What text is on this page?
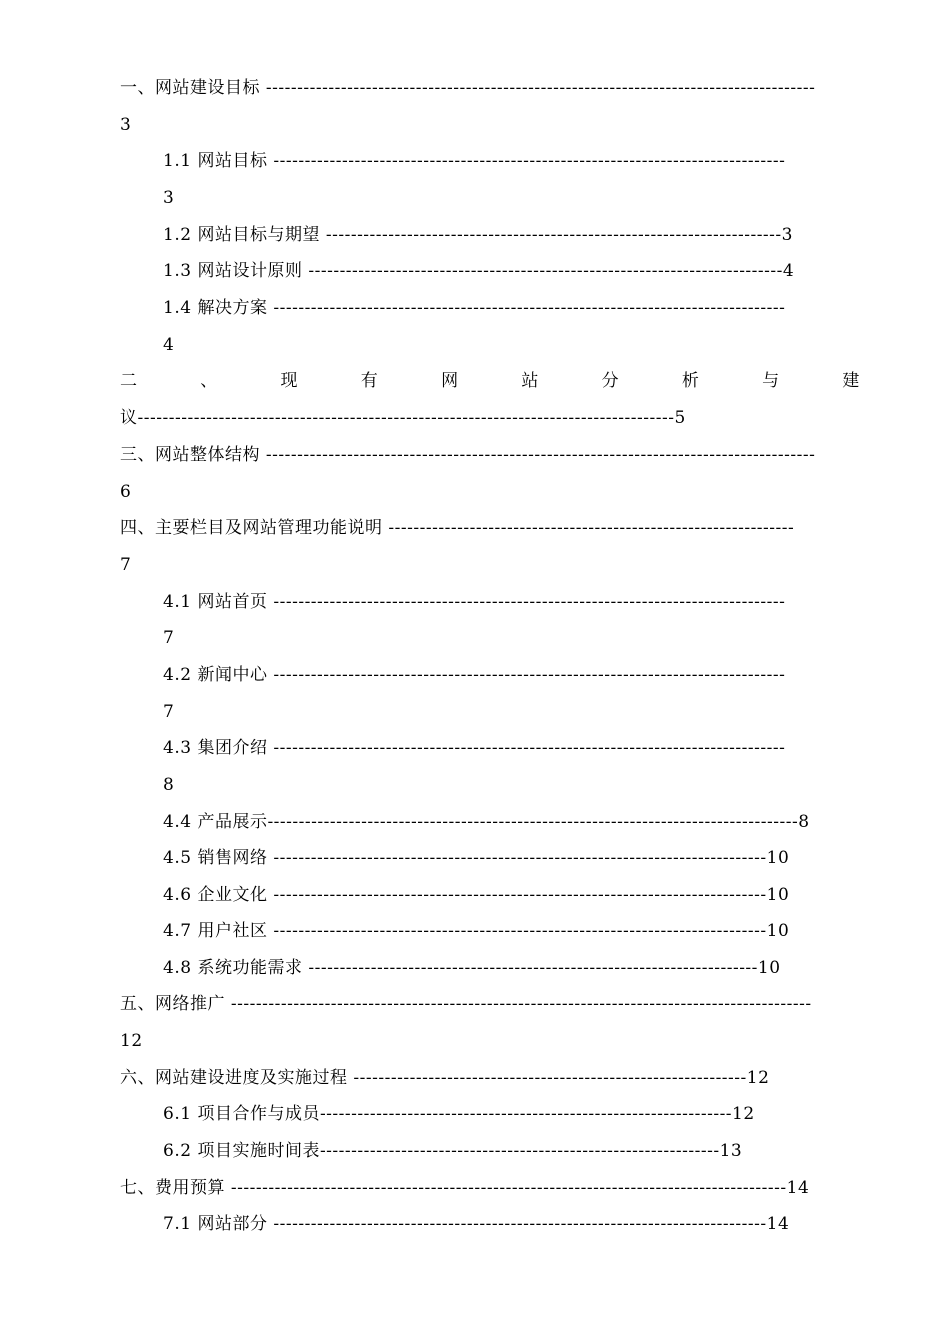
一、网站建设目标 ----------------------------------------------------------------------------------------
3
1.1 网站目标 ----------------------------------------------------------------------------------
3
1.2 网站目标与期望 -------------------------------------------------------------------------3
1.3 网站设计原则 ----------------------------------------------------------------------------4
1.4 解决方案 ----------------------------------------------------------------------------------
4
二	、	现	有	网	站	分	析	与	建
议--------------------------------------------------------------------------------------5
三、网站整体结构 ----------------------------------------------------------------------------------------
6
四、主要栏目及网站管理功能说明 -----------------------------------------------------------------
7
4.1 网站首页 ----------------------------------------------------------------------------------
7
4.2 新闻中心 ----------------------------------------------------------------------------------
7
4.3 集团介绍 ----------------------------------------------------------------------------------
8
4.4 产品展示-------------------------------------------------------------------------------------8
4.5 销售网络 -------------------------------------------------------------------------------10
4.6 企业文化 -------------------------------------------------------------------------------10
4.7 用户社区 -------------------------------------------------------------------------------10
4.8 系统功能需求 ------------------------------------------------------------------------10
五、网络推广 ---------------------------------------------------------------------------------------------
12
六、网站建设进度及实施过程 ---------------------------------------------------------------12
6.1 项目合作与成员------------------------------------------------------------------12
6.2 项目实施时间表----------------------------------------------------------------13
七、费用预算 -----------------------------------------------------------------------------------------14
7.1 网站部分 -------------------------------------------------------------------------------14
